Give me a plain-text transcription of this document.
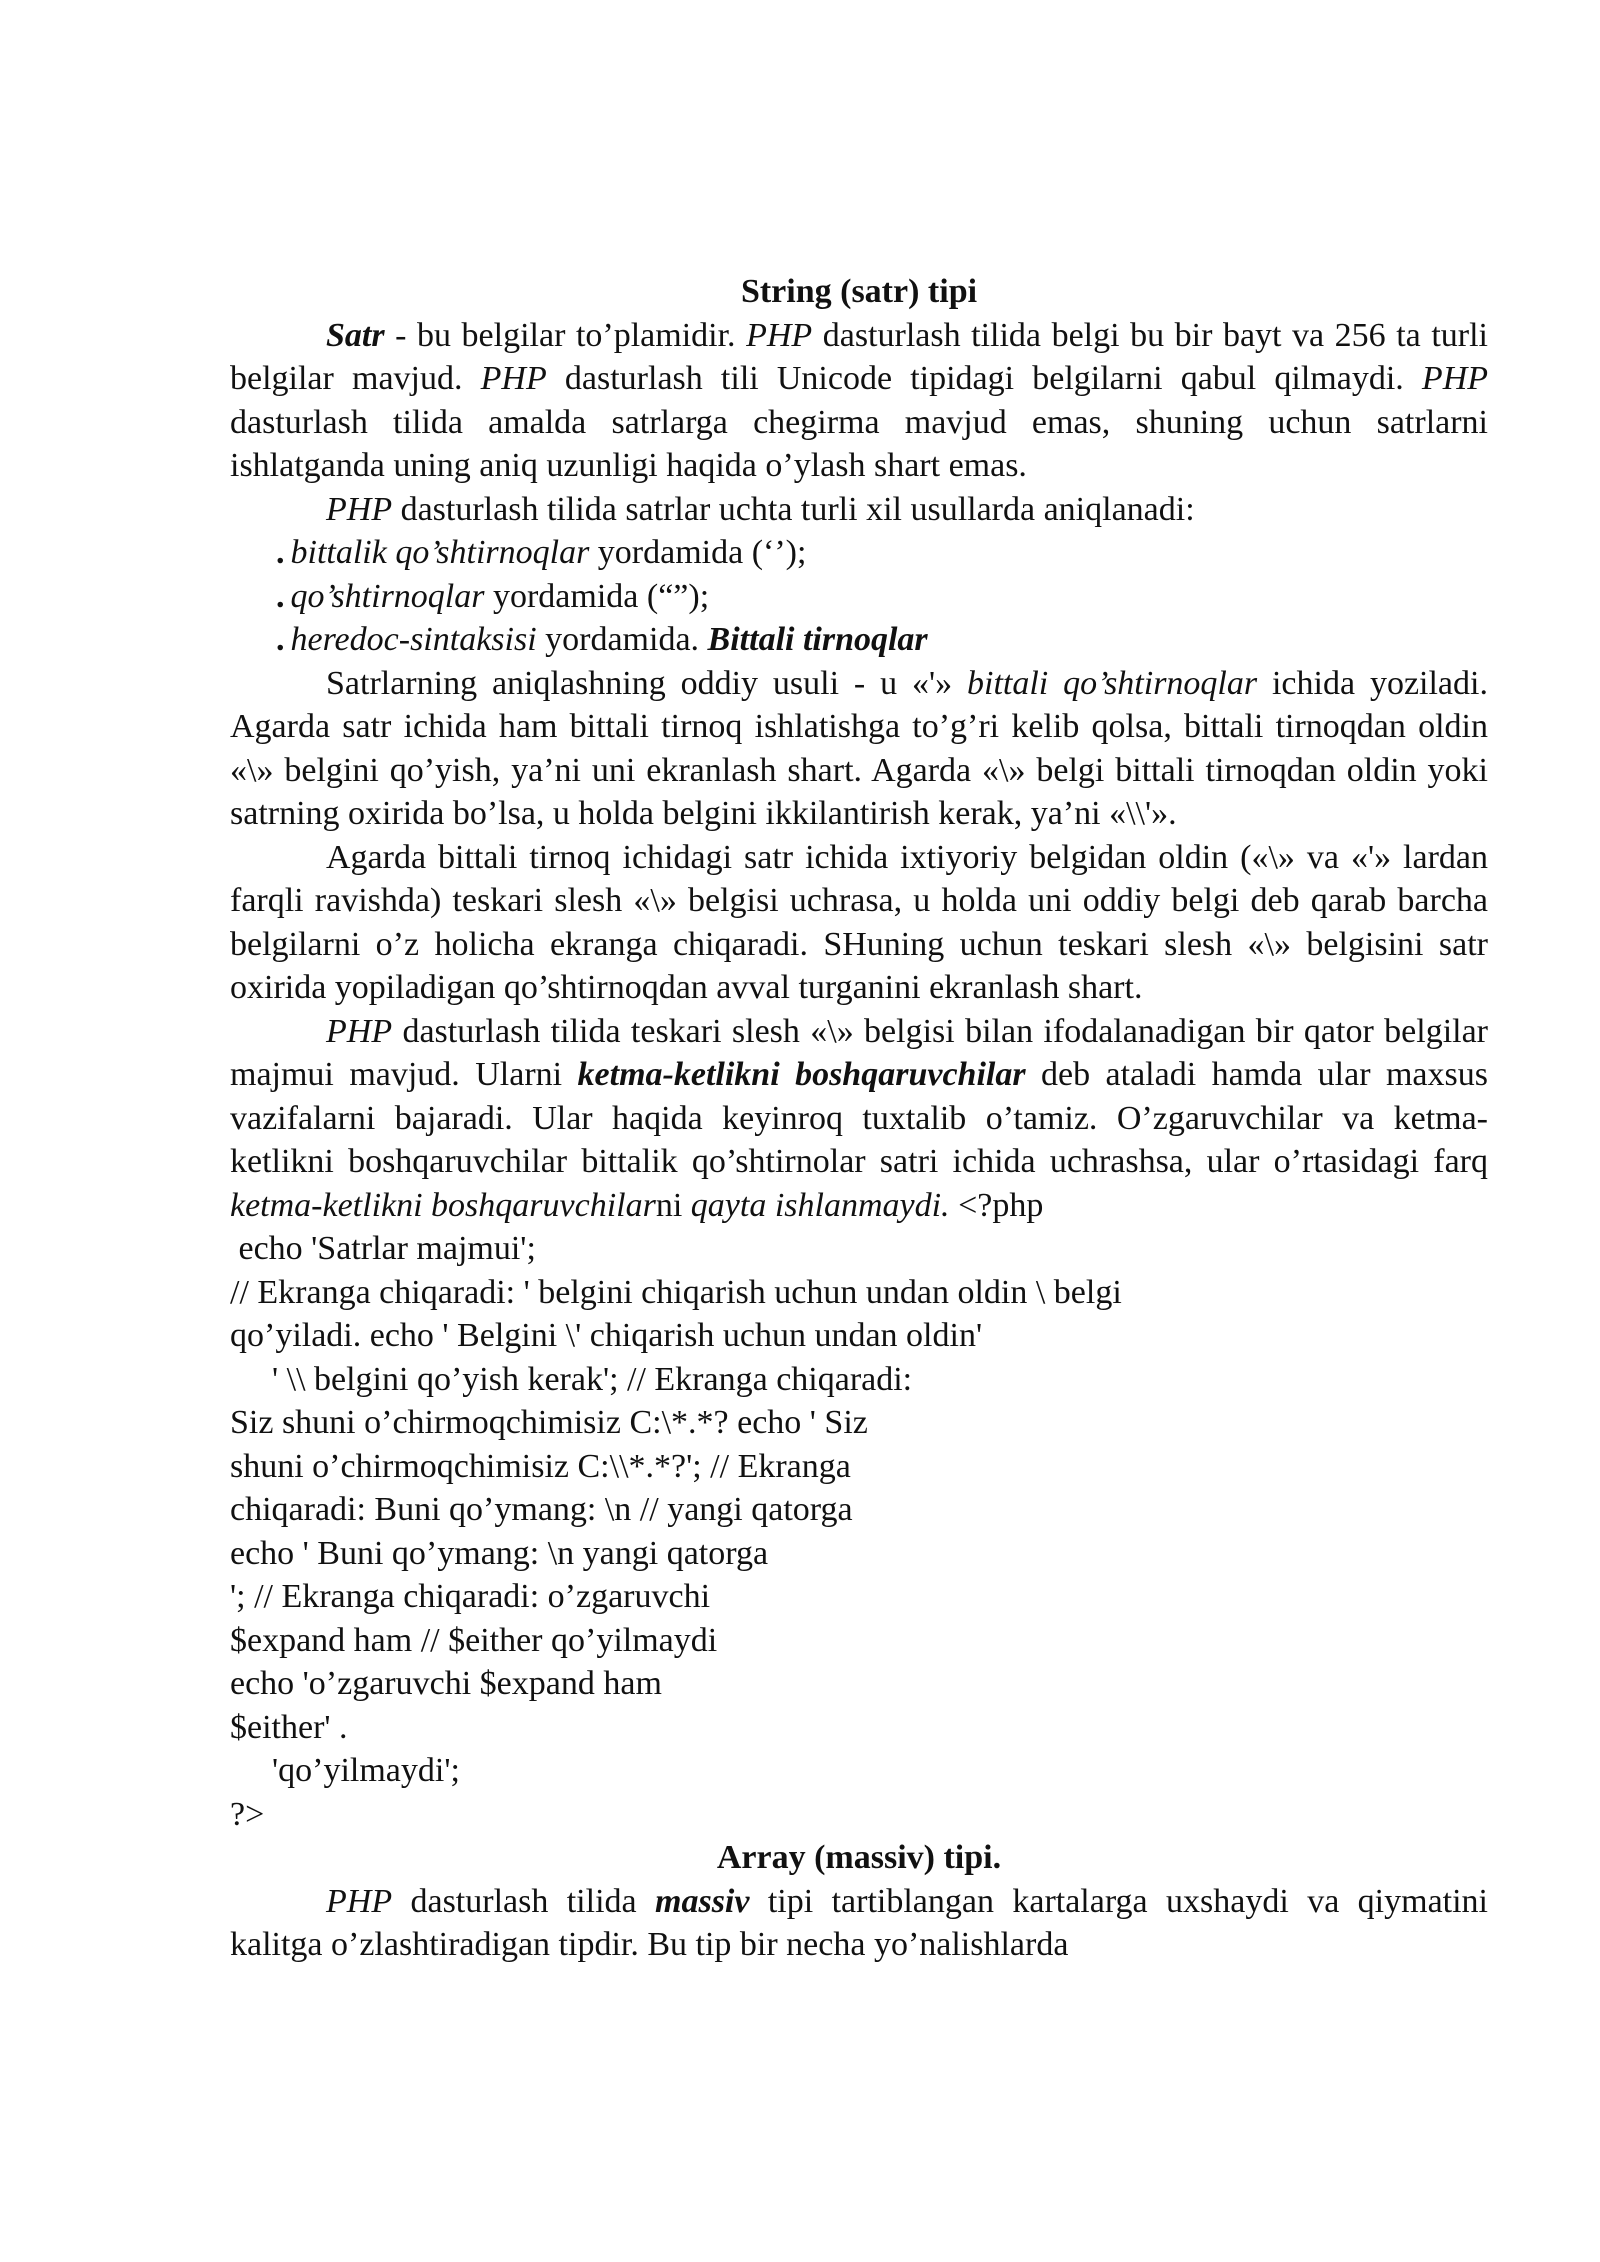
String (satr) tipi

Satr - bu belgilar to’plamidir. PHP dasturlash tilida belgi bu bir bayt va 256 ta turli belgilar mavjud. PHP dasturlash tili Unicode tipidagi belgilarni qabul qilmaydi. PHP dasturlash tilida amalda satrlarga chegirma mavjud emas, shuning uchun satrlarni ishlatganda uning aniq uzunligi haqida o’ylash shart emas.

PHP dasturlash tilida satrlar uchta turli xil usullarda aniqlanadi:

. bittalik qo’shtirnoqlar yordamida (‘’);

. qo’shtirnoqlar yordamida (“”);

. heredoc-sintaksisi yordamida. Bittali tirnoqlar

Satrlarning aniqlashning oddiy usuli - u «'» bittali qo’shtirnoqlar ichida yoziladi. Agarda satr ichida ham bittali tirnoq ishlatishga to’g’ri kelib qolsa, bittali tirnoqdan oldin «\» belgini qo’yish, ya’ni uni ekranlash shart. Agarda «\» belgi bittali tirnoqdan oldin yoki satrning oxirida bo’lsa, u holda belgini ikkilantirish kerak, ya’ni «\\'».

Agarda bittali tirnoq ichidagi satr ichida ixtiyoriy belgidan oldin («\» va «'» lardan farqli ravishda) teskari slesh «\» belgisi uchrasa, u holda uni oddiy belgi deb qarab barcha belgilarni o’z holicha ekranga chiqaradi. SHuning uchun teskari slesh «\» belgisini satr oxirida yopiladigan qo’shtirnoqdan avval turganini ekranlash shart.

PHP dasturlash tilida teskari slesh «\» belgisi bilan ifodalanadigan bir qator belgilar majmui mavjud. Ularni ketma-ketlikni boshqaruvchilar deb ataladi hamda ular maxsus vazifalarni bajaradi. Ular haqida keyinroq tuxtalib o’tamiz. O’zgaruvchilar va ketma-ketlikni boshqaruvchilar bittalik qo’shtirnolar satri ichida uchrashsa, ular o’rtasidagi farq ketma-ketlikni boshqaruvchilarni qayta ishlanmaydi. <?php

echo 'Satrlar majmui';

// Ekranga chiqaradi: ' belgini chiqarish uchun undan oldin \ belgi

qo’yiladi. echo ' Belgini \' chiqarish uchun undan oldin'

' \\ belgini qo’yish kerak'; // Ekranga chiqaradi:

Siz shuni o’chirmoqchimisiz C:\*.*? echo ' Siz

shuni o’chirmoqchimisiz C:\\*.*?'; // Ekranga

chiqaradi: Buni qo’ymang: \n // yangi qatorga

echo ' Buni qo’ymang: \n yangi qatorga

'; // Ekranga chiqaradi: o’zgaruvchi

$expand ham // $either qo’yilmaydi

echo 'o’zgaruvchi $expand ham

$either' .

'qo’yilmaydi';

?>

Array (massiv) tipi.

PHP dasturlash tilida massiv tipi tartiblangan kartalarga uxshaydi va qiymatini kalitga o’zlashtiradigan tipdir. Bu tip bir necha yo’nalishlarda
